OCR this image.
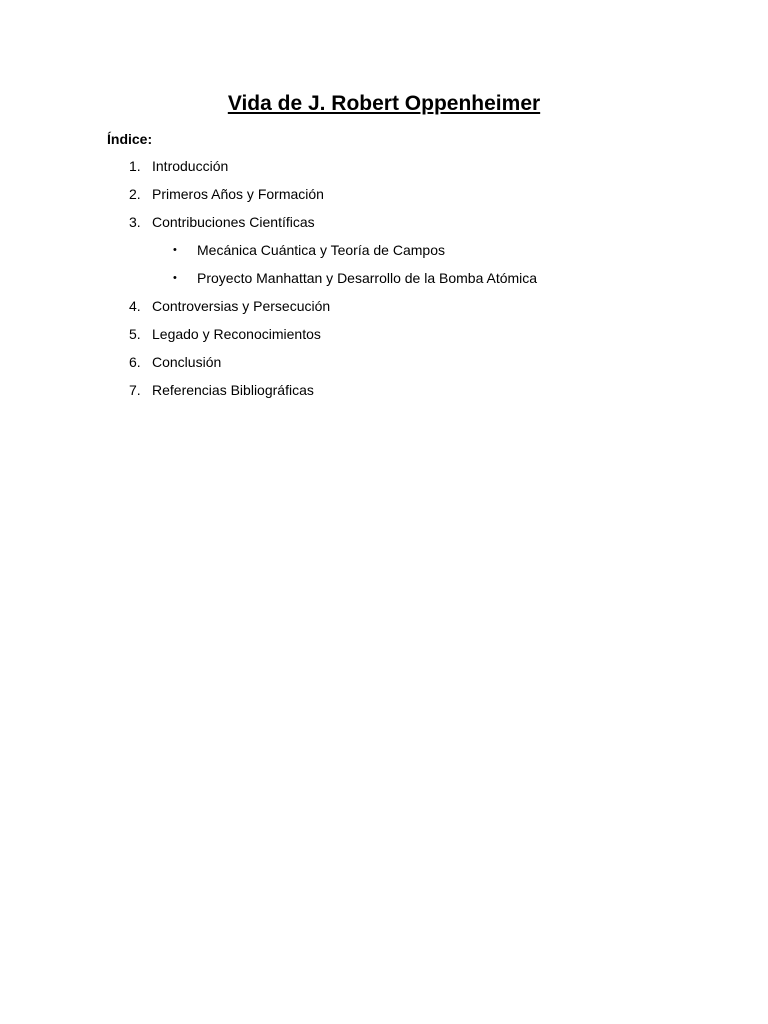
Vida de J. Robert Oppenheimer

Índice:

1. Introducción
2. Primeros Años y Formación
3. Contribuciones Científicas
•	Mecánica Cuántica y Teoría de Campos
•	Proyecto Manhattan y Desarrollo de la Bomba Atómica
4. Controversias y Persecución
5. Legado y Reconocimientos
6. Conclusión
7. Referencias Bibliográficas
